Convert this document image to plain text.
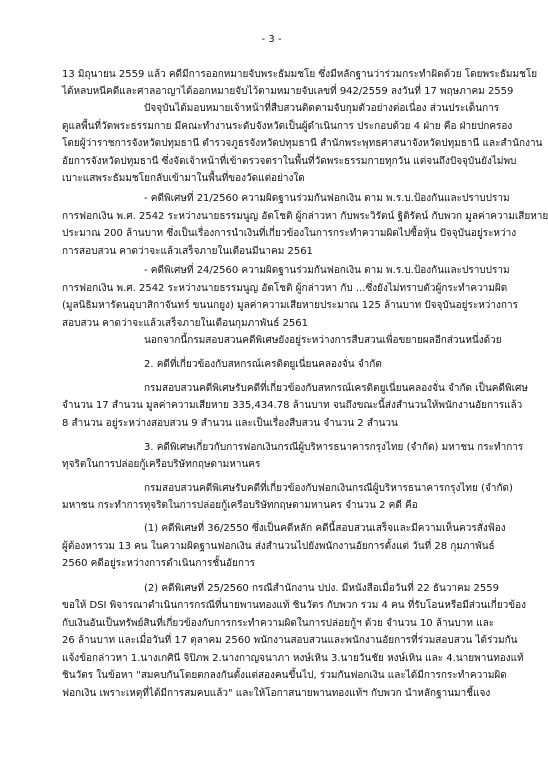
- 3 -
13 มิถุนายน 2559 แล้ว คดีมีการออกหมายจับพระธัมมชโย ซึ่งมีหลักฐานว่าร่วมกระทำผิดด้วย โดยพระธัมมชโย
ได้หลบหนีคดีและศาลอาญาได้ออกหมายจับไว้ตามหมายจับเลขที่ 942/2559 ลงวันที่ 17 พฤษภาคม 2559
ปัจจุบันได้มอบหมายเจ้าหน้าที่สืบสวนติดตามจับกุมตัวอย่างต่อเนื่อง ส่วนประเด็นการ
ดูแลพื้นที่วัดพระธรรมกาย มีคณะทำงานระดับจังหวัดเป็นผู้ดำเนินการ ประกอบด้วย 4 ฝ่าย คือ ฝ่ายปกครอง
โดยผู้ว่าราชการจังหวัดปทุมธานี ตำรวจภูธรจังหวัดปทุมธานี สำนักพระพุทธศาสนาจังหวัดปทุมธานี และสำนักงาน
อัยการจังหวัดปทุมธานี ซึ่งจัดเจ้าหน้าที่เข้าตรวจตราในพื้นที่วัดพระธรรมกายทุกวัน แต่จนถึงปัจจุบันยังไม่พบ
เบาะแสพระธัมมชโยกลับเข้ามาในพื้นที่ของวัดแต่อย่างใด
- คดีพิเศษที่ 21/2560 ความผิดฐานร่วมกันฟอกเงิน ตาม พ.ร.บ.ป้องกันและปราบปราม
การฟอกเงิน พ.ศ. 2542 ระหว่างนายธรรมนูญ อัตโชติ ผู้กล่าวหา กับพระวิรัตน์ ฐิติรัตน์ กับพวก มูลค่าความเสียหาย
ประมาณ 200 ล้านบาท ซึ่งเป็นเรื่องการนำเงินที่เกี่ยวข้องในการกระทำความผิดไปซื้อหุ้น ปัจจุบันอยู่ระหว่าง
การสอบสวน คาดว่าจะแล้วเสร็จภายในเดือนมีนาคม 2561
- คดีพิเศษที่ 24/2560 ความผิดฐานร่วมกันฟอกเงิน ตาม พ.ร.บ.ป้องกันและปราบปราม
การฟอกเงิน พ.ศ. 2542 ระหว่างนายธรรมนูญ อัตโชติ ผู้กล่าวหา กับ ...ซึ่งยังไม่ทราบตัวผู้กระทำความผิด
(มูลนิธิมหารัตนอุบาสิกาจันทร์ ขนนกยูง) มูลค่าความเสียหายประมาณ 125 ล้านบาท ปัจจุบันอยู่ระหว่างการ
สอบสวน คาดว่าจะแล้วเสร็จภายในเดือนกุมภาพันธ์ 2561
นอกจากนี้กรมสอบสวนคดีพิเศษยังอยู่ระหว่างการสืบสวนเพื่อขยายผลอีกส่วนหนึ่งด้วย
2. คดีที่เกี่ยวข้องกับสหกรณ์เครดิตยูเนี่ยนคลองจั่น จำกัด
กรมสอบสวนคดีพิเศษรับคดีที่เกี่ยวข้องกับสหกรณ์เครดิตยูเนี่ยนคลองจั่น จำกัด เป็นคดีพิเศษ
จำนวน 17 สำนวน มูลค่าความเสียหาย 335,434.78 ล้านบาท จนถึงขณะนี้ส่งสำนวนให้พนักงานอัยการแล้ว
8 สำนวน อยู่ระหว่างสอบสวน 9 สำนวน และเป็นเรื่องสืบสวน จำนวน 2 สำนวน
3. คดีพิเศษเกี่ยวกับการฟอกเงินกรณีผู้บริหารธนาคารกรุงไทย (จำกัด) มหาชน กระทำการ
ทุจริตในการปล่อยกู้เครือบริษัทกฤษดามหานคร
กรมสอบสวนคดีพิเศษรับคดีที่เกี่ยวข้องกับฟอกเงินกรณีผู้บริหารธนาคารกรุงไทย (จำกัด)
มหาชน กระทำการทุจริตในการปล่อยกู้เครือบริษัทกฤษดามหานคร จำนวน 2 คดี คือ
(1) คดีพิเศษที่ 36/2550 ซึ่งเป็นคดีหลัก คดีนี้สอบสวนเสร็จและมีความเห็นควรสั่งฟ้อง
ผู้ต้องหารวม 13 คน ในความผิดฐานฟอกเงิน ส่งสำนวนไปยังพนักงานอัยการตั้งแต่ วันที่ 28 กุมภาพันธ์
2560 คดีอยู่ระหว่างการดำเนินการชั้นอัยการ
(2) คดีพิเศษที่ 25/2560 กรณีสำนักงาน ปปง. มีหนังสือเมื่อวันที่ 22 ธันวาคม 2559
ขอให้ DSI พิจารณาดำเนินการกรณีที่นายพานทองแท้ ชินวัตร กับพวก รวม 4 คน ที่รับโอนหรือมีส่วนเกี่ยวข้อง
กับเงินอันเป็นทรัพย์สินที่เกี่ยวข้องกับการกระทำความผิดในการปล่อยกู้ฯ ด้วย จำนวน 10 ล้านบาท และ
26 ล้านบาท และเมื่อวันที่ 17 ตุลาคม 2560 พนักงานสอบสวนและพนักงานอัยการที่ร่วมสอบสวน ได้ร่วมกัน
แจ้งข้อกล่าวหา 1.นางเกศินี จิปิภพ 2.นางกาญจนาภา หงษ์เหิน 3.นายวันชัย หงษ์เหิน และ 4.นายพานทองแท้
ชินวัตร ในข้อหา "สมคบกันโดยตกลงกันตั้งแต่สองคนขึ้นไป, ร่วมกันฟอกเงิน และได้มีการกระทำความผิด
ฟอกเงิน เพราะเหตุที่ได้มีการสมคบแล้ว" และให้โอกาสนายพานทองแท้ฯ กับพวก นำหลักฐานมาชี้แจง
